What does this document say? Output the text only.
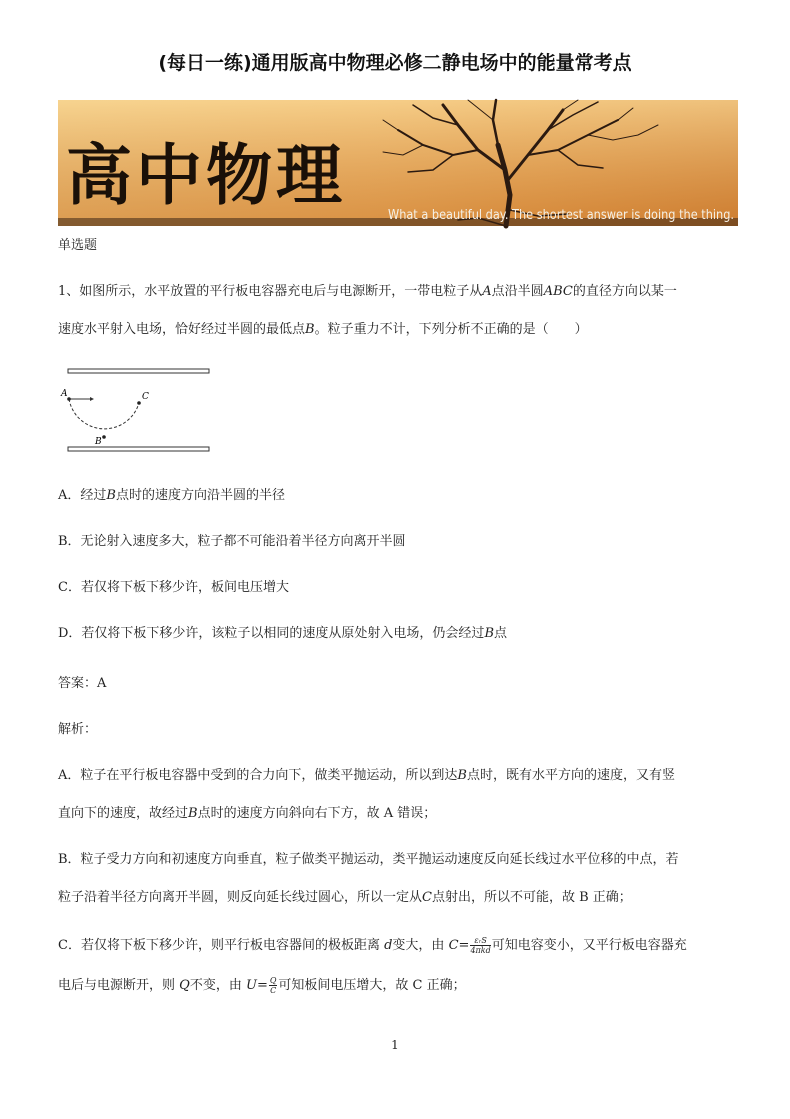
(每日一练)通用版高中物理必修二静电场中的能量常考点
高中物理
What a beautiful day. The shortest answer is doing the thing.
单选题
1、如图所示，水平放置的平行板电容器充电后与电源断开，一带电粒子从A点沿半圆ABC的直径方向以某一
速度水平射入电场，恰好经过半圆的最低点B。粒子重力不计，下列分析不正确的是（　　）
A	C
B
A．经过B点时的速度方向沿半圆的半径
B．无论射入速度多大，粒子都不可能沿着半径方向离开半圆
C．若仅将下板下移少许，板间电压增大
D．若仅将下板下移少许，该粒子以相同的速度从原处射入电场，仍会经过B点
答案：A
解析：
A．粒子在平行板电容器中受到的合力向下，做类平抛运动，所以到达B点时，既有水平方向的速度，又有竖
直向下的速度，故经过B点时的速度方向斜向右下方，故 A 错误；
B．粒子受力方向和初速度方向垂直，粒子做类平抛运动，类平抛运动速度反向延长线过水平位移的中点，若
粒子沿着半径方向离开半圆，则反向延长线过圆心，所以一定从C点射出，所以不可能，故 B 正确；
C．若仅将下板下移少许，则平行板电容器间的极板距离 d变大，由 $C= \frac{\text{εᵣS}}{\text{4πkd}}$ 可知电容变小，又平行板电容器充
电后与电源断开，则 Q不变，由 $U= \frac{Q}{C}$ 可知板间电压增大，故 C 正确；
1
